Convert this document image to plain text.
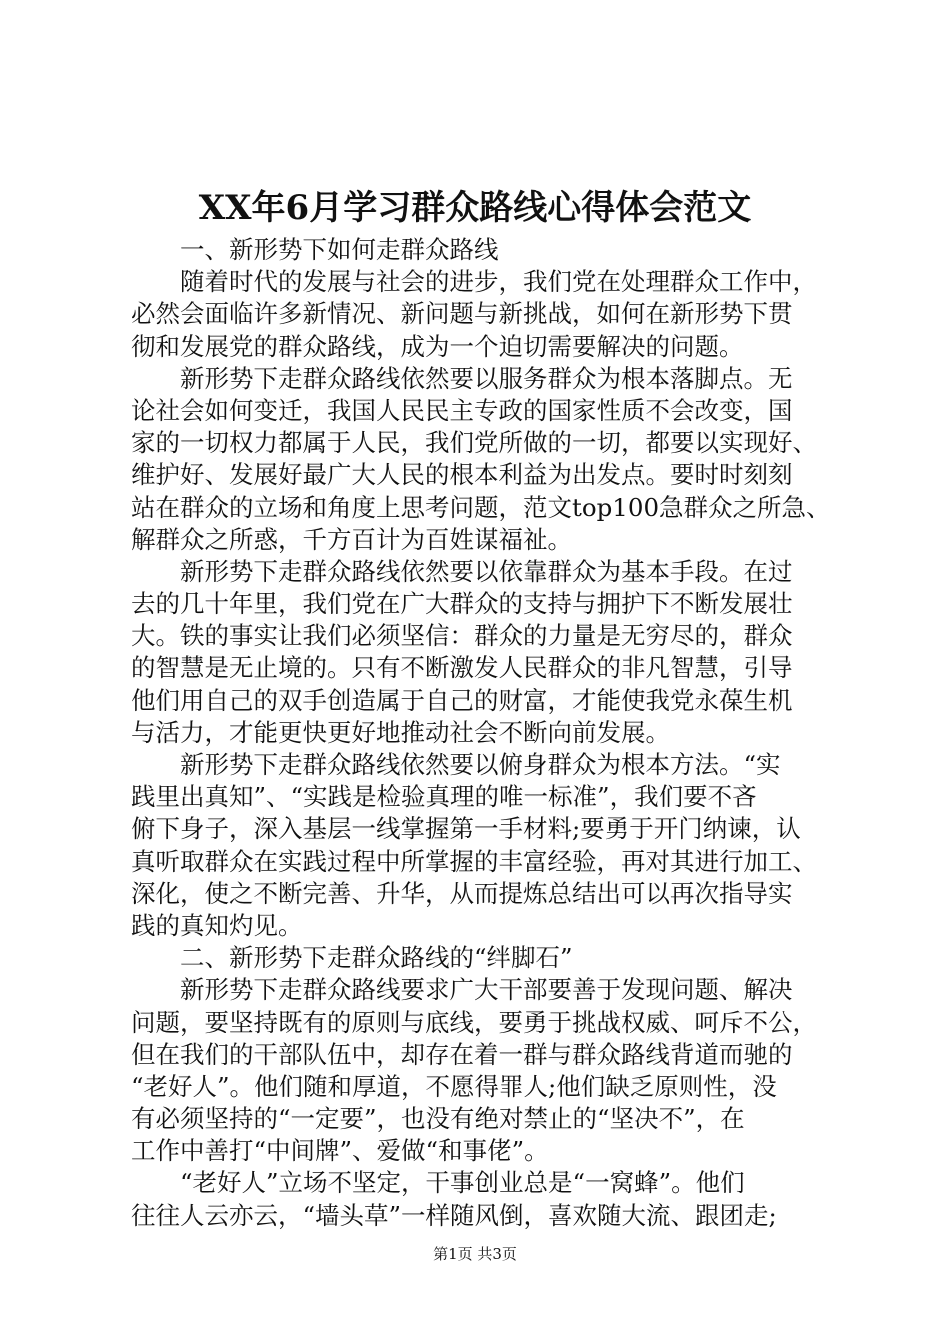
XX年6月学习群众路线心得体会范文
一、新形势下如何走群众路线
随着时代的发展与社会的进步，我们党在处理群众工作中，
必然会面临许多新情况、新问题与新挑战，如何在新形势下贯
彻和发展党的群众路线，成为一个迫切需要解决的问题。
新形势下走群众路线依然要以服务群众为根本落脚点。无
论社会如何变迁，我国人民民主专政的国家性质不会改变，国
家的一切权力都属于人民，我们党所做的一切，都要以实现好、
维护好、发展好最广大人民的根本利益为出发点。要时时刻刻
站在群众的立场和角度上思考问题，范文top100急群众之所急、
解群众之所惑，千方百计为百姓谋福祉。
新形势下走群众路线依然要以依靠群众为基本手段。在过
去的几十年里，我们党在广大群众的支持与拥护下不断发展壮
大。铁的事实让我们必须坚信：群众的力量是无穷尽的，群众
的智慧是无止境的。只有不断激发人民群众的非凡智慧，引导
他们用自己的双手创造属于自己的财富，才能使我党永葆生机
与活力，才能更快更好地推动社会不断向前发展。
新形势下走群众路线依然要以俯身群众为根本方法。“实
践里出真知”、“实践是检验真理的唯一标准”，我们要不吝
俯下身子，深入基层一线掌握第一手材料;要勇于开门纳谏，认
真听取群众在实践过程中所掌握的丰富经验，再对其进行加工、
深化，使之不断完善、升华，从而提炼总结出可以再次指导实
践的真知灼见。
二、新形势下走群众路线的“绊脚石”
新形势下走群众路线要求广大干部要善于发现问题、解决
问题，要坚持既有的原则与底线，要勇于挑战权威、呵斥不公，
但在我们的干部队伍中，却存在着一群与群众路线背道而驰的
“老好人”。他们随和厚道，不愿得罪人;他们缺乏原则性，没
有必须坚持的“一定要”，也没有绝对禁止的“坚决不”，在
工作中善打“中间牌”、爱做“和事佬”。
“老好人”立场不坚定，干事创业总是“一窝蜂”。他们
往往人云亦云，“墙头草”一样随风倒，喜欢随大流、跟团走;
第1页 共3页
